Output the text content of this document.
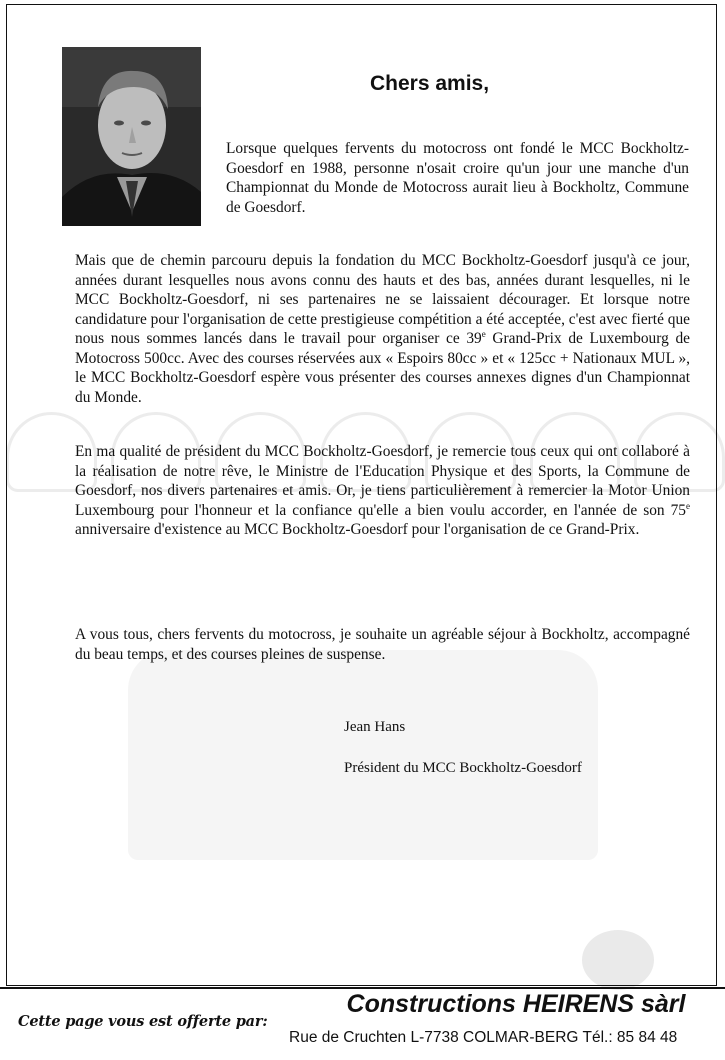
Chers amis,

Lorsque quelques fervents du motocross ont fondé le MCC Bockholtz-Goesdorf en 1988, personne n'osait croire qu'un jour une manche d'un Championnat du Monde de Motocross aurait lieu à Bockholtz, Commune de Goesdorf.

Mais que de chemin parcouru depuis la fondation du MCC Bockholtz-Goesdorf jusqu'à ce jour, années durant lesquelles nous avons connu des hauts et des bas, années durant lesquelles, ni le MCC Bockholtz-Goesdorf, ni ses partenaires ne se laissaient décourager. Et lorsque notre candidature pour l'organisation de cette prestigieuse compétition a été acceptée, c'est avec fierté que nous nous sommes lancés dans le travail pour organiser ce 39e Grand-Prix de Luxembourg de Motocross 500cc. Avec des courses réservées aux « Espoirs 80cc » et « 125cc + Nationaux MUL », le MCC Bockholtz-Goesdorf espère vous présenter des courses annexes dignes d'un Championnat du Monde.

En ma qualité de président du MCC Bockholtz-Goesdorf, je remercie tous ceux qui ont collaboré à la réalisation de notre rêve, le Ministre de l'Education Physique et des Sports, la Commune de Goesdorf, nos divers partenaires et amis. Or, je tiens particulièrement à remercier la Motor Union Luxembourg pour l'honneur et la confiance qu'elle a bien voulu accorder, en l'année de son 75e anniversaire d'existence au MCC Bockholtz-Goesdorf pour l'organisation de ce Grand-Prix.

A vous tous, chers fervents du motocross, je souhaite un agréable séjour à Bockholtz, accompagné du beau temps, et des courses pleines de suspense.

Jean Hans

Président du MCC Bockholtz-Goesdorf

Cette page vous est offerte par:
Constructions HEIRENS sàrl
Rue de Cruchten L-7738 COLMAR-BERG Tél.: 85 84 48
